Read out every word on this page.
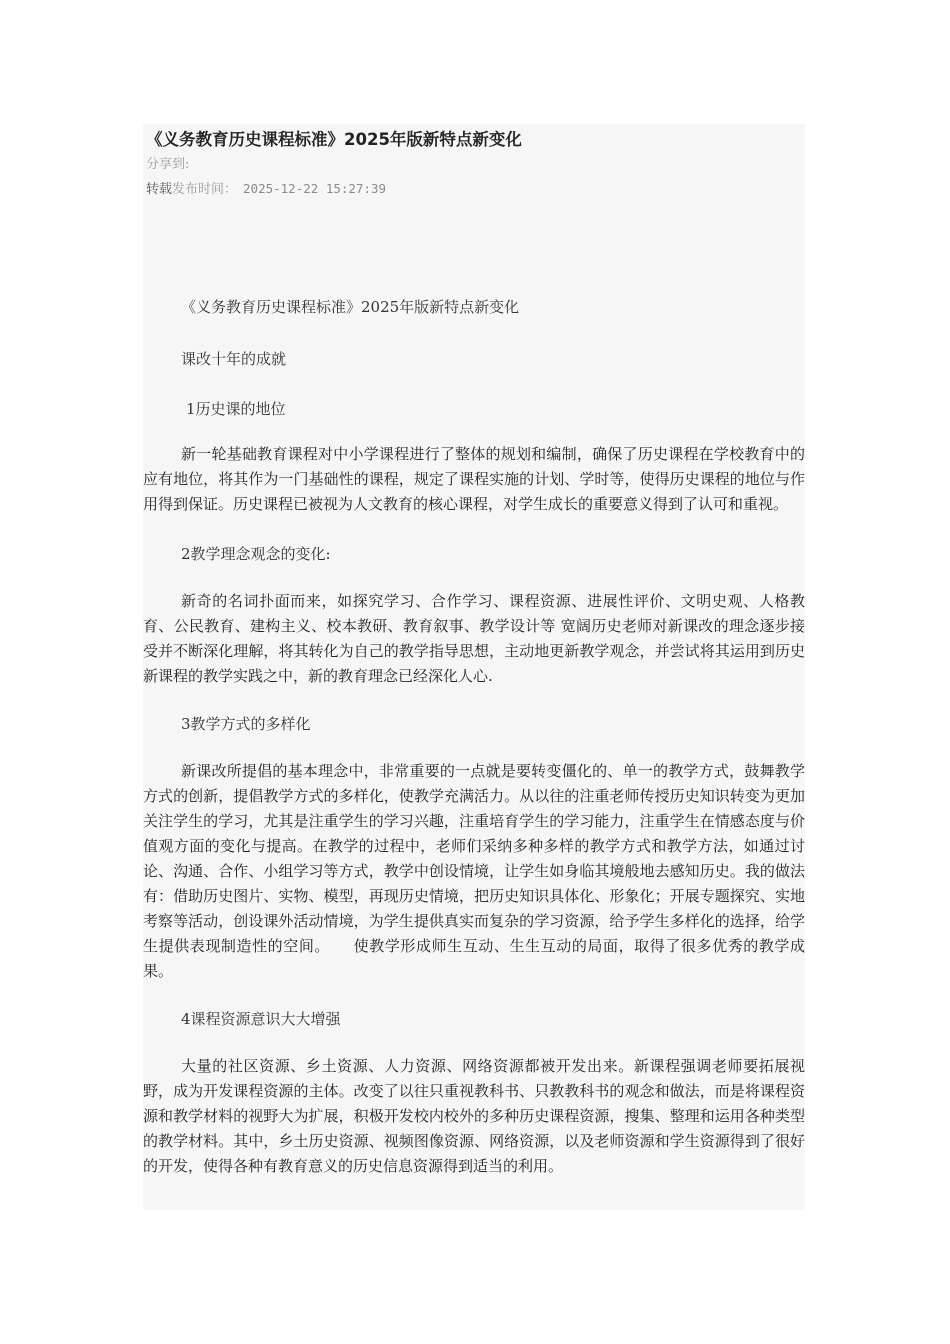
《义务教育历史课程标准》2025年版新特点新变化
分享到:
转载发布时间： 2025-12-22 15:27:39

《义务教育历史课程标准》2025年版新特点新变化

课改十年的成就

1历史课的地位

新一轮基础教育课程对中小学课程进行了整体的规划和编制，确保了历史课程在学校教育中的应有地位，将其作为一门基础性的课程，规定了课程实施的计划、学时等，使得历史课程的地位与作用得到保证。历史课程已被视为人文教育的核心课程，对学生成长的重要意义得到了认可和重视。

2教学理念观念的变化:

新奇的名词扑面而来，如探究学习、合作学习、课程资源、进展性评价、文明史观、人格教育、公民教育、建构主义、校本教研、教育叙事、教学设计等 宽阔历史老师对新课改的理念逐步接受并不断深化理解，将其转化为自己的教学指导思想，主动地更新教学观念，并尝试将其运用到历史新课程的教学实践之中，新的教育理念已经深化人心.

3教学方式的多样化

新课改所提倡的基本理念中，非常重要的一点就是要转变僵化的、单一的教学方式，鼓舞教学方式的创新，提倡教学方式的多样化，使教学充满活力。从以往的注重老师传授历史知识转变为更加关注学生的学习，尤其是注重学生的学习兴趣，注重培育学生的学习能力，注重学生在情感态度与价值观方面的变化与提高。在教学的过程中，老师们采纳多种多样的教学方式和教学方法，如通过讨论、沟通、合作、小组学习等方式，教学中创设情境，让学生如身临其境般地去感知历史。我的做法有：借助历史图片、实物、模型，再现历史情境，把历史知识具体化、形象化；开展专题探究、实地考察等活动，创设课外活动情境，为学生提供真实而复杂的学习资源，给予学生多样化的选择，给学生提供表现制造性的空间。　　使教学形成师生互动、生生互动的局面，取得了很多优秀的教学成果。

4课程资源意识大大增强

大量的社区资源、乡土资源、人力资源、网络资源都被开发出来。新课程强调老师要拓展视野，成为开发课程资源的主体。改变了以往只重视教科书、只教教科书的观念和做法，而是将课程资源和教学材料的视野大为扩展，积极开发校内校外的多种历史课程资源，搜集、整理和运用各种类型的教学材料。其中，乡土历史资源、视频图像资源、网络资源，以及老师资源和学生资源得到了很好的开发，使得各种有教育意义的历史信息资源得到适当的利用。
